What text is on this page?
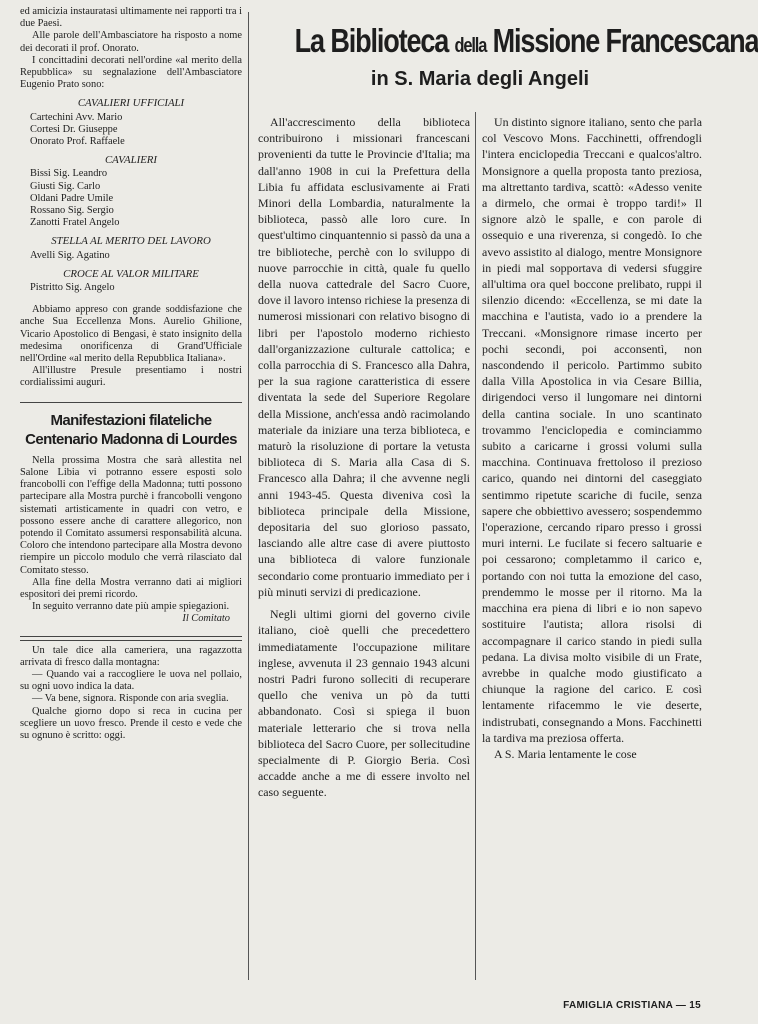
ed amicizia instauratasi ultimamente nei rapporti tra i due Paesi.

Alle parole dell'Ambasciatore ha risposto a nome dei decorati il prof. Onorato.

I concittadini decorati nell'ordine «al merito della Repubblica» su segnalazione dell'Ambasciatore Eugenio Prato sono:

CAVALIERI UFFICIALI
Cartechini Avv. Mario
Cortesi Dr. Giuseppe
Onorato Prof. Raffaele
CAVALIERI
Bissi Sig. Leandro
Giusti Sig. Carlo
Oldani Padre Umile
Rossano Sig. Sergio
Zanotti Fratel Angelo
STELLA AL MERITO DEL LAVORO
Avelli Sig. Agatino
CROCE AL VALOR MILITARE
Pistritto Sig. Angelo

Abbiamo appreso con grande soddisfazione che anche Sua Eccellenza Mons. Aurelio Ghilione, Vicario Apostolico di Bengasi, è stato insignito della medesima onorificenza di Grand'Ufficiale nell'Ordine «al merito della Repubblica Italiana».

All'illustre Presule presentiamo i nostri cordialissimi auguri.

Manifestazioni filateliche
Centenario Madonna di Lourdes

Nella prossima Mostra che sarà allestita nel Salone Libia vi potranno essere esposti solo francobolli con l'effige della Madonna; tutti possono partecipare alla Mostra purchè i francobolli vengono sistemati artisticamente in quadri con vetro, e possono essere anche di carattere allegorico, non potendo il Comitato assumersi responsabilità alcuna. Coloro che intendono partecipare alla Mostra devono riempire un piccolo modulo che verrà rilasciato dal Comitato stesso.

Alla fine della Mostra verranno dati ai migliori espositori dei premi ricordo.

In seguito verranno date più ampie spiegazioni.

Il Comitato

Un tale dice alla cameriera, una ragazzotta arrivata di fresco dalla montagna:

— Quando vai a raccogliere le uova nel pollaio, su ogni uovo indica la data.

— Va bene, signora. Risponde con aria sveglia.

Qualche giorno dopo si reca in cucina per scegliere un uovo fresco. Prende il cesto e vede che su ognuno è scritto: oggi.

La Biblioteca della Missione Francescana
in S. Maria degli Angeli

All'accrescimento della biblioteca contribuirono i missionari francescani provenienti da tutte le Provincie d'Italia; ma dall'anno 1908 in cui la Prefettura della Libia fu affidata esclusivamente ai Frati Minori della Lombardia, naturalmente la biblioteca, passò alle loro cure. In quest'ultimo cinquantennio si passò da una a tre biblioteche, perchè con lo sviluppo di nuove parrocchie in città, quale fu quello della nuova cattedrale del Sacro Cuore, dove il lavoro intenso richiese la presenza di numerosi missionari con relativo bisogno di libri per l'apostolo moderno richiesto dall'organizzazione culturale cattolica; e colla parrocchia di S. Francesco alla Dahra, per la sua ragione caratteristica di essere diventata la sede del Superiore Regolare della Missione, anch'essa andò racimolando materiale da iniziare una terza biblioteca, e maturò la risoluzione di portare la vetusta biblioteca di S. Maria alla Casa di S. Francesco alla Dahra; il che avvenne negli anni 1943-45. Questa diveniva così la biblioteca principale della Missione, depositaria del suo glorioso passato, lasciando alle altre case di avere piuttosto una biblioteca di valore funzionale secondario come prontuario immediato per i più minuti servizi di predicazione.

Negli ultimi giorni del governo civile italiano, cioè quelli che precedettero immediatamente l'occupazione militare inglese, avvenuta il 23 gennaio 1943 alcuni nostri Padri furono solleciti di recuperare quello che veniva un pò da tutti abbandonato. Così si spiega il buon materiale letterario che si trova nella biblioteca del Sacro Cuore, per sollecitudine specialmente di P. Giorgio Beria. Così accadde anche a me di essere involto nel caso seguente.

Un distinto signore italiano, sento che parla col Vescovo Mons. Facchinetti, offrendogli l'intera enciclopedia Treccani e qualcos'altro. Monsignore a quella proposta tanto preziosa, ma altrettanto tardiva, scattò: «Adesso venite a dirmelo, che ormai è troppo tardi!» Il signore alzò le spalle, e con parole di ossequio e una riverenza, si congedò. Io che avevo assistito al dialogo, mentre Monsignore in piedi mal sopportava di vedersi sfuggire all'ultima ora quel boccone prelibato, ruppi il silenzio dicendo: «Eccellenza, se mi date la macchina e l'autista, vado io a prendere la Treccani. «Monsignore rimase incerto per pochi secondi, poi acconsentì, non nascondendo il pericolo. Partimmo subito dalla Villa Apostolica in via Cesare Billia, dirigendoci verso il lungomare nei dintorni della cantina sociale. In uno scantinato trovammo l'enciclopedia e cominciammo subito a caricarne i grossi volumi sulla macchina. Continuava frettoloso il prezioso carico, quando nei dintorni del caseggiato sentimmo ripetute scariche di fucile, senza sapere che obbiettivo avessero; sospendemmo l'operazione, cercando riparo presso i grossi muri interni. Le fucilate si fecero saltuarie e poi cessarono; completammo il carico e, portando con noi tutta la emozione del caso, prendemmo le mosse per il ritorno. Ma la macchina era piena di libri e io non sapevo sostituire l'autista; allora risolsi di accompagnare il carico stando in piedi sulla pedana. La divisa molto visibile di un Frate, avrebbe in qualche modo giustificato a chiunque la ragione del carico. E così lentamente rifacemmo le vie deserte, indistrubati, consegnando a Mons. Facchinetti la tardiva ma preziosa offerta.

A S. Maria lentamente le cose

FAMIGLIA CRISTIANA — 15
